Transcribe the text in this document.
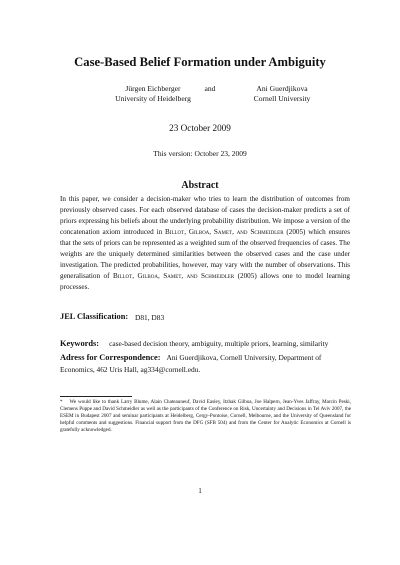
Case-Based Belief Formation under Ambiguity
Jürgen Eichberger
University of Heidelberg
and	Ani Guerdjikova
Cornell University
23 October 2009
This version: October 23, 2009
Abstract
In this paper, we consider a decision-maker who tries to learn the distribution of outcomes from previously observed cases. For each observed database of cases the decision-maker predicts a set of priors expressing his beliefs about the underlying probability distribution. We impose a version of the concatenation axiom introduced in Billot, Gilboa, Samet, and Schmeidler (2005) which ensures that the sets of priors can be represented as a weighted sum of the observed frequencies of cases. The weights are the uniquely determined similarities between the observed cases and the case under investigation. The predicted probabilities, however, may vary with the number of observations. This generalisation of Billot, Gilboa, Samet, and Schmeidler (2005) allows one to model learning processes.
JEL Classification: D81, D83
Keywords: case-based decision theory, ambiguity, multiple priors, learning, similarity
Adress for Correspondence: Ani Guerdjikova, Cornell University, Department of Economics, 462 Uris Hall, ag334@cornell.edu.
* We would like to thank Larry Blume, Alain Chateauneuf, David Easley, Itzhak Gilboa, Joe Halpern, Jean-Yves Jaffray, Marcin Peski, Clemens Puppe and David Schmeidler as well as the participants of the Conference on Risk, Uncertainty and Decisions in Tel Aviv 2007, the ESEM in Budapest 2007 and seminar participants at Heidelberg, Cergy-Pontoise, Cornell, Melbourne, and the University of Queensland for helpful comments and suggestions. Financial support from the DFG (SFB 504) and from the Center for Analytic Economics at Cornell is gratefully acknowledged.
1
